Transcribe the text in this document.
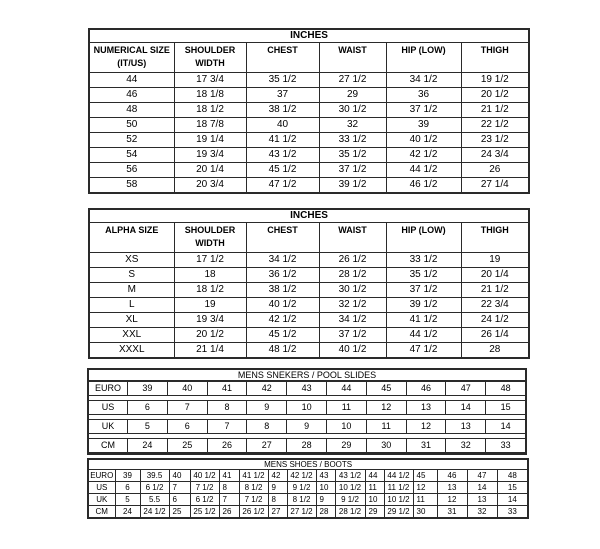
INCHES					
NUMERICAL SIZE (IT/US)	SHOULDER WIDTH	CHEST	WAIST	HIP (LOW)	THIGH
44	17 3/4	35 1/2	27 1/2	34 1/2	19 1/2
46	18 1/8	37	29	36	20 1/2
48	18 1/2	38 1/2	30 1/2	37 1/2	21 1/2
50	18 7/8	40	32	39	22 1/2
52	19 1/4	41 1/2	33 1/2	40 1/2	23 1/2
54	19 3/4	43 1/2	35 1/2	42 1/2	24 3/4
56	20 1/4	45 1/2	37 1/2	44 1/2	26
58	20 3/4	47 1/2	39 1/2	46 1/2	27 1/4
INCHES					
ALPHA SIZE	SHOULDER WIDTH	CHEST	WAIST	HIP (LOW)	THIGH
XS	17 1/2	34 1/2	26 1/2	33 1/2	19
S	18	36 1/2	28 1/2	35 1/2	20 1/4
M	18 1/2	38 1/2	30 1/2	37 1/2	21 1/2
L	19	40 1/2	32 1/2	39 1/2	22 3/4
XL	19 3/4	42 1/2	34 1/2	41 1/2	24 1/2
XXL	20 1/2	45 1/2	37 1/2	44 1/2	26 1/4
XXXL	21 1/4	48 1/2	40 1/2	47 1/2	28
MENS SNEKERS / POOL SLIDES
EURO	39	40	41	42	43	44	45	46	47	48
US	6	7	8	9	10	11	12	13	14	15
UK	5	6	7	8	9	10	11	12	13	14
CM	24	25	26	27	28	29	30	31	32	33
MENS SHOES / BOOTS																
EURO	39	39.5	40	40 1/2	41	41 1/2	42	42 1/2	43	43 1/2	44	44 1/2	45	46	47	48
US	6	6 1/2	7	7 1/2	8	8 1/2	9	9 1/2	10	10 1/2	11	11 1/2	12	13	14	15
UK	5	5.5	6	6 1/2	7	7 1/2	8	8 1/2	9	9 1/2	10	10 1/2	11	12	13	14
CM	24	24 1/2	25	25 1/2	26	26 1/2	27	27 1/2	28	28 1/2	29	29 1/2	30	31	32	33
